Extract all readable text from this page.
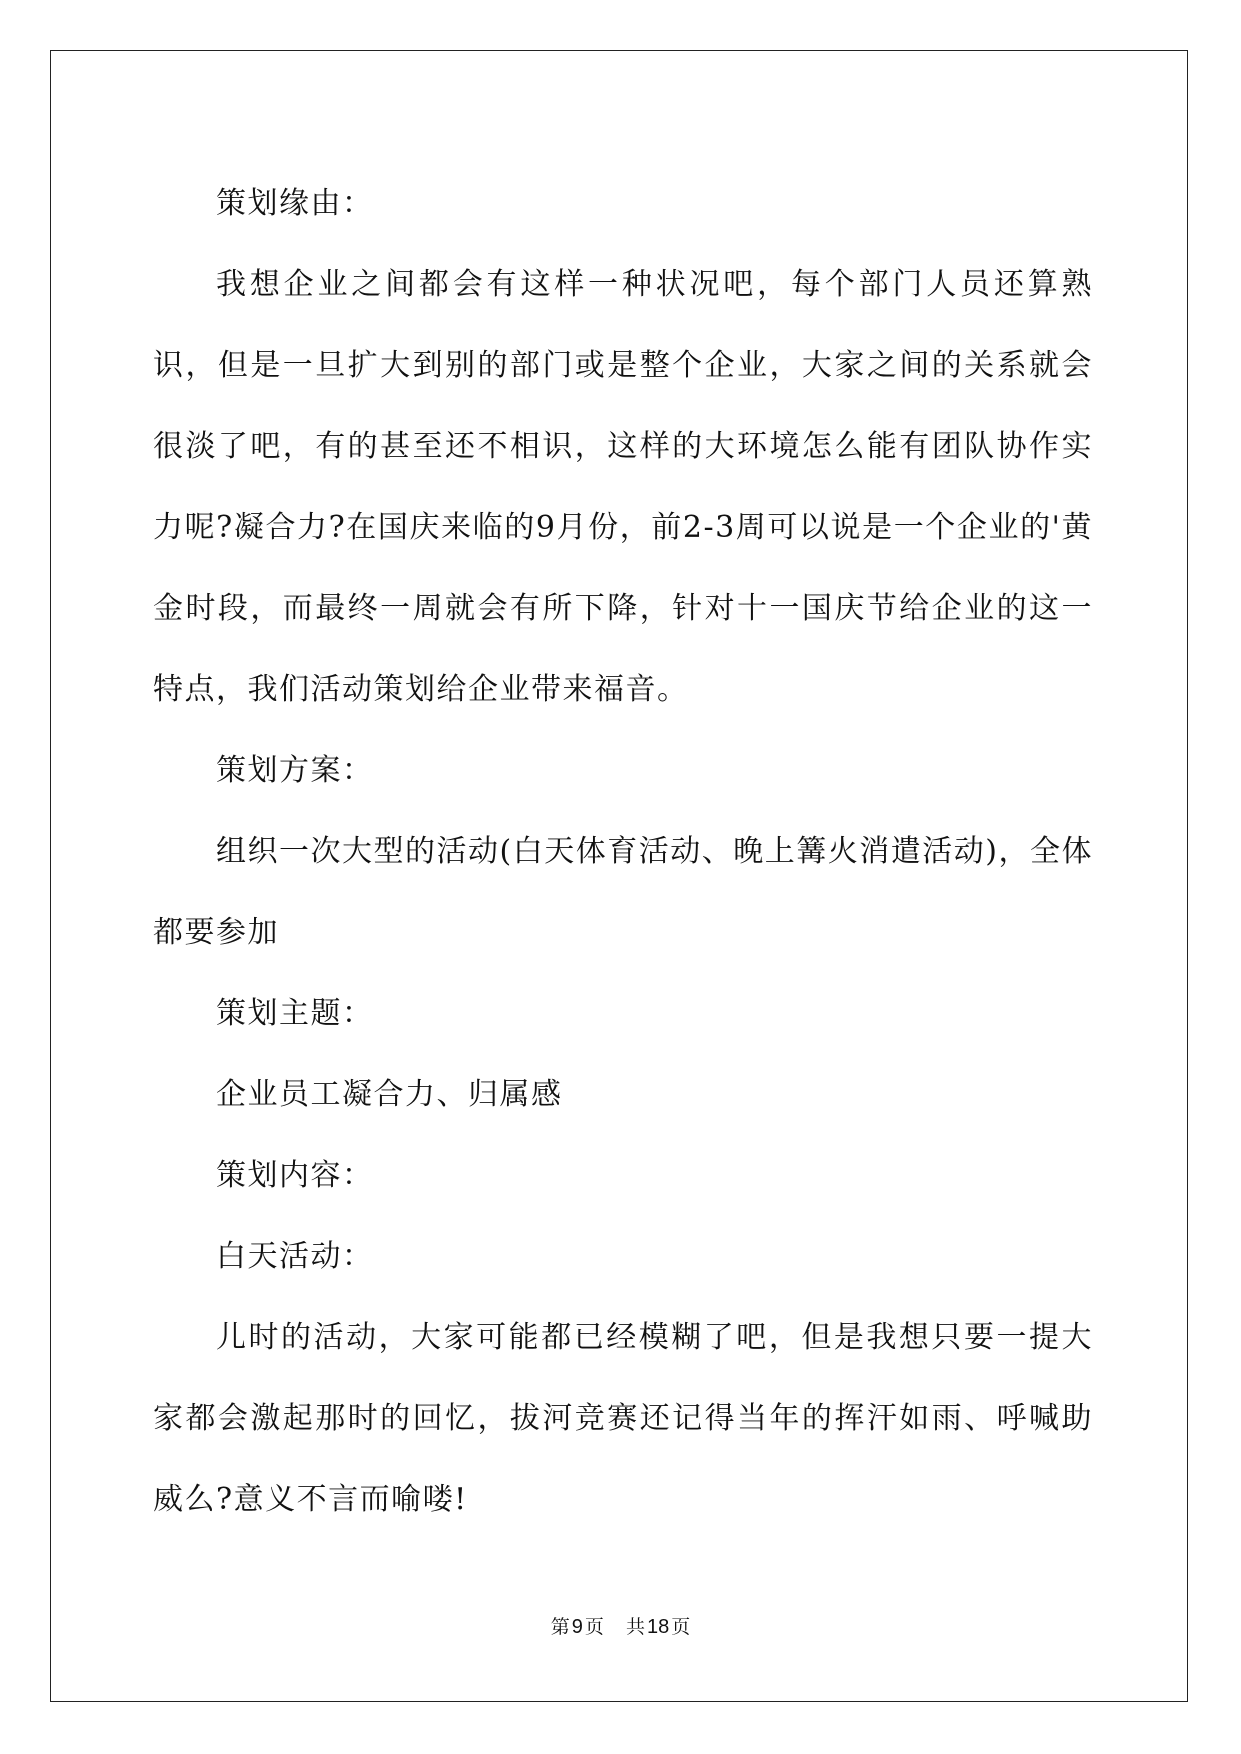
策划缘由：

我想企业之间都会有这样一种状况吧，每个部门人员还算熟识，但是一旦扩大到别的部门或是整个企业，大家之间的关系就会很淡了吧，有的甚至还不相识，这样的大环境怎么能有团队协作实力呢?凝合力?在国庆来临的9月份，前2-3周可以说是一个企业的'黄金时段，而最终一周就会有所下降，针对十一国庆节给企业的这一特点，我们活动策划给企业带来福音。

策划方案：

组织一次大型的活动(白天体育活动、晚上篝火消遣活动)，全体都要参加

策划主题：

企业员工凝合力、归属感

策划内容：

白天活动：

儿时的活动，大家可能都已经模糊了吧，但是我想只要一提大家都会激起那时的回忆，拔河竞赛还记得当年的挥汗如雨、呼喊助威么?意义不言而喻喽!

第 9 页 共 18 页
